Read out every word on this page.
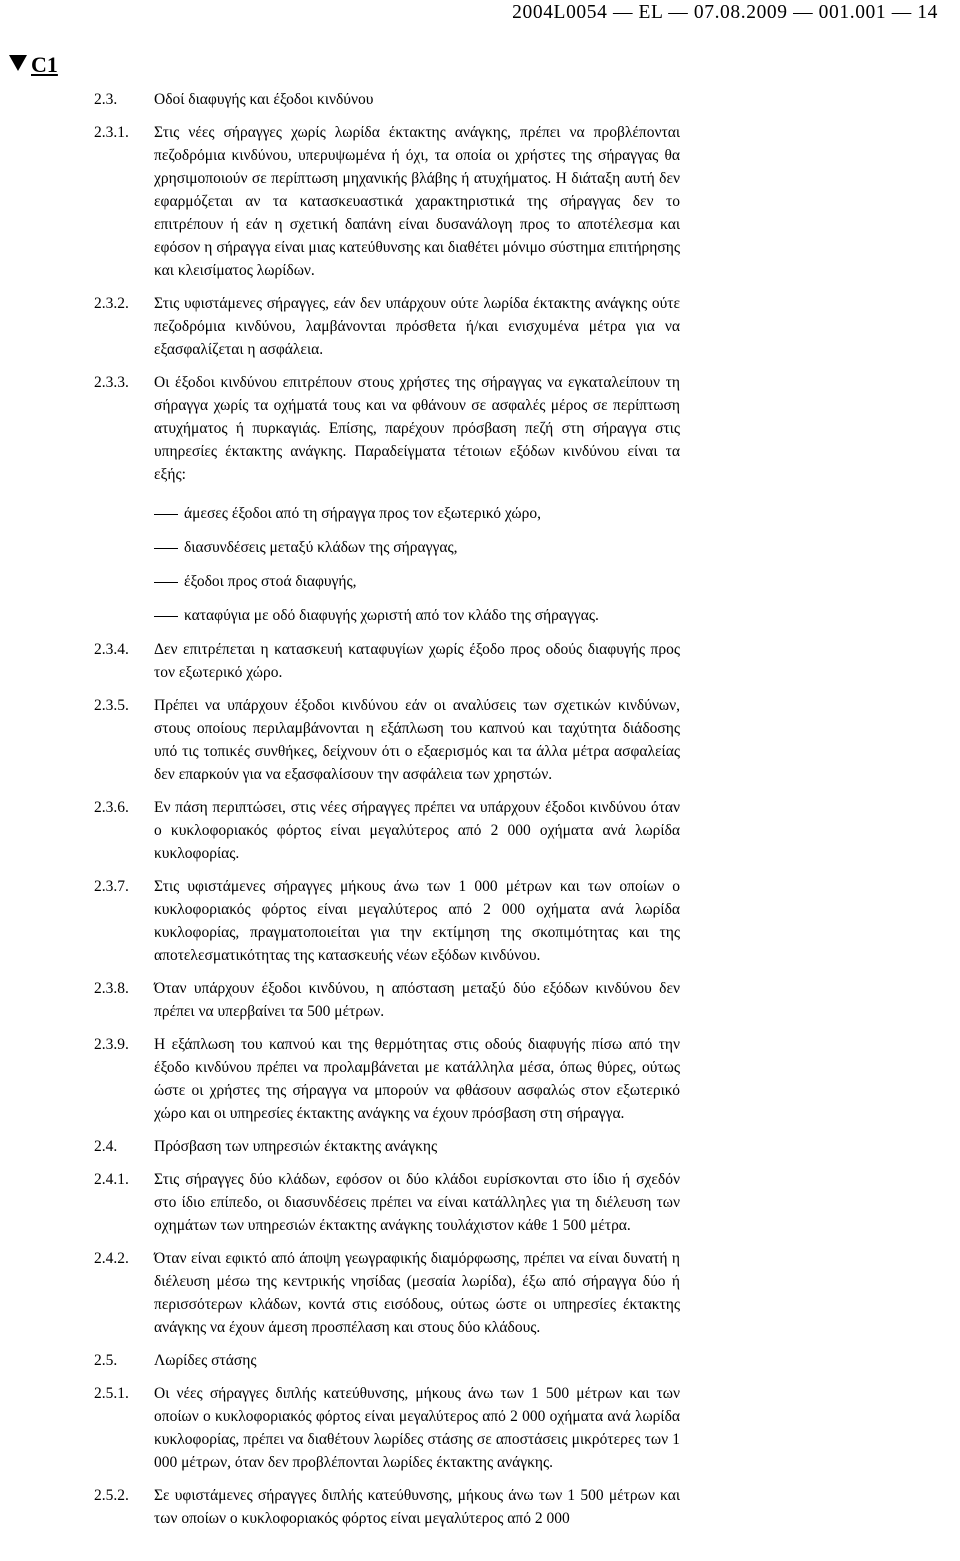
2004L0054 — EL — 07.08.2009 — 001.001 — 14
C1
2.3.	Οδοί διαφυγής και έξοδοι κινδύνου
2.3.1.	Στις νέες σήραγγες χωρίς λωρίδα έκτακτης ανάγκης, πρέπει να προβλέπονται πεζοδρόμια κινδύνου, υπερυψωμένα ή όχι, τα οποία οι χρήστες της σήραγγας θα χρησιμοποιούν σε περίπτωση μηχανικής βλάβης ή ατυχήματος. Η διάταξη αυτή δεν εφαρμόζεται αν τα κατασκευαστικά χαρακτηριστικά της σήραγγας δεν το επιτρέπουν ή εάν η σχετική δαπάνη είναι δυσανάλογη προς το αποτέλεσμα και εφόσον η σήραγγα είναι μιας κατεύθυνσης και διαθέτει μόνιμο σύστημα επιτήρησης και κλεισίματος λωρίδων.
2.3.2.	Στις υφιστάμενες σήραγγες, εάν δεν υπάρχουν ούτε λωρίδα έκτακτης ανάγκης ούτε πεζοδρόμια κινδύνου, λαμβάνονται πρόσθετα ή/και ενισχυμένα μέτρα για να εξασφαλίζεται η ασφάλεια.
2.3.3.	Οι έξοδοι κινδύνου επιτρέπουν στους χρήστες της σήραγγας να εγκαταλείπουν τη σήραγγα χωρίς τα οχήματά τους και να φθάνουν σε ασφαλές μέρος σε περίπτωση ατυχήματος ή πυρκαγιάς. Επίσης, παρέχουν πρόσβαση πεζή στη σήραγγα στις υπηρεσίες έκτακτης ανάγκης. Παραδείγματα τέτοιων εξόδων κινδύνου είναι τα εξής:
άμεσες έξοδοι από τη σήραγγα προς τον εξωτερικό χώρο,
διασυνδέσεις μεταξύ κλάδων της σήραγγας,
έξοδοι προς στοά διαφυγής,
καταφύγια με οδό διαφυγής χωριστή από τον κλάδο της σήραγγας.
2.3.4.	Δεν επιτρέπεται η κατασκευή καταφυγίων χωρίς έξοδο προς οδούς διαφυγής προς τον εξωτερικό χώρο.
2.3.5.	Πρέπει να υπάρχουν έξοδοι κινδύνου εάν οι αναλύσεις των σχετικών κινδύνων, στους οποίους περιλαμβάνονται η εξάπλωση του καπνού και ταχύτητα διάδοσης υπό τις τοπικές συνθήκες, δείχνουν ότι ο εξαερισμός και τα άλλα μέτρα ασφαλείας δεν επαρκούν για να εξασφαλίσουν την ασφάλεια των χρηστών.
2.3.6.	Εν πάση περιπτώσει, στις νέες σήραγγες πρέπει να υπάρχουν έξοδοι κινδύνου όταν ο κυκλοφοριακός φόρτος είναι μεγαλύτερος από 2 000 οχήματα ανά λωρίδα κυκλοφορίας.
2.3.7.	Στις υφιστάμενες σήραγγες μήκους άνω των 1 000 μέτρων και των οποίων ο κυκλοφοριακός φόρτος είναι μεγαλύτερος από 2 000 οχήματα ανά λωρίδα κυκλοφορίας, πραγματοποιείται για την εκτίμηση της σκοπιμότητας και της αποτελεσματικότητας της κατασκευής νέων εξόδων κινδύνου.
2.3.8.	Όταν υπάρχουν έξοδοι κινδύνου, η απόσταση μεταξύ δύο εξόδων κινδύνου δεν πρέπει να υπερβαίνει τα 500 μέτρων.
2.3.9.	Η εξάπλωση του καπνού και της θερμότητας στις οδούς διαφυγής πίσω από την έξοδο κινδύνου πρέπει να προλαμβάνεται με κατάλληλα μέσα, όπως θύρες, ούτως ώστε οι χρήστες της σήραγγα να μπορούν να φθάσουν ασφαλώς στον εξωτερικό χώρο και οι υπηρεσίες έκτακτης ανάγκης να έχουν πρόσβαση στη σήραγγα.
2.4.	Πρόσβαση των υπηρεσιών έκτακτης ανάγκης
2.4.1.	Στις σήραγγες δύο κλάδων, εφόσον οι δύο κλάδοι ευρίσκονται στο ίδιο ή σχεδόν στο ίδιο επίπεδο, οι διασυνδέσεις πρέπει να είναι κατάλληλες για τη διέλευση των οχημάτων των υπηρεσιών έκτακτης ανάγκης τουλάχιστον κάθε 1 500 μέτρα.
2.4.2.	Όταν είναι εφικτό από άποψη γεωγραφικής διαμόρφωσης, πρέπει να είναι δυνατή η διέλευση μέσω της κεντρικής νησίδας (μεσαία λωρίδα), έξω από σήραγγα δύο ή περισσότερων κλάδων, κοντά στις εισόδους, ούτως ώστε οι υπηρεσίες έκτακτης ανάγκης να έχουν άμεση προσπέλαση και στους δύο κλάδους.
2.5.	Λωρίδες στάσης
2.5.1.	Οι νέες σήραγγες διπλής κατεύθυνσης, μήκους άνω των 1 500 μέτρων και των οποίων ο κυκλοφοριακός φόρτος είναι μεγαλύτερος από 2 000 οχήματα ανά λωρίδα κυκλοφορίας, πρέπει να διαθέτουν λωρίδες στάσης σε αποστάσεις μικρότερες των 1 000 μέτρων, όταν δεν προβλέπονται λωρίδες έκτακτης ανάγκης.
2.5.2.	Σε υφιστάμενες σήραγγες διπλής κατεύθυνσης, μήκους άνω των 1 500 μέτρων και των οποίων ο κυκλοφοριακός φόρτος είναι μεγαλύτερος από 2 000
